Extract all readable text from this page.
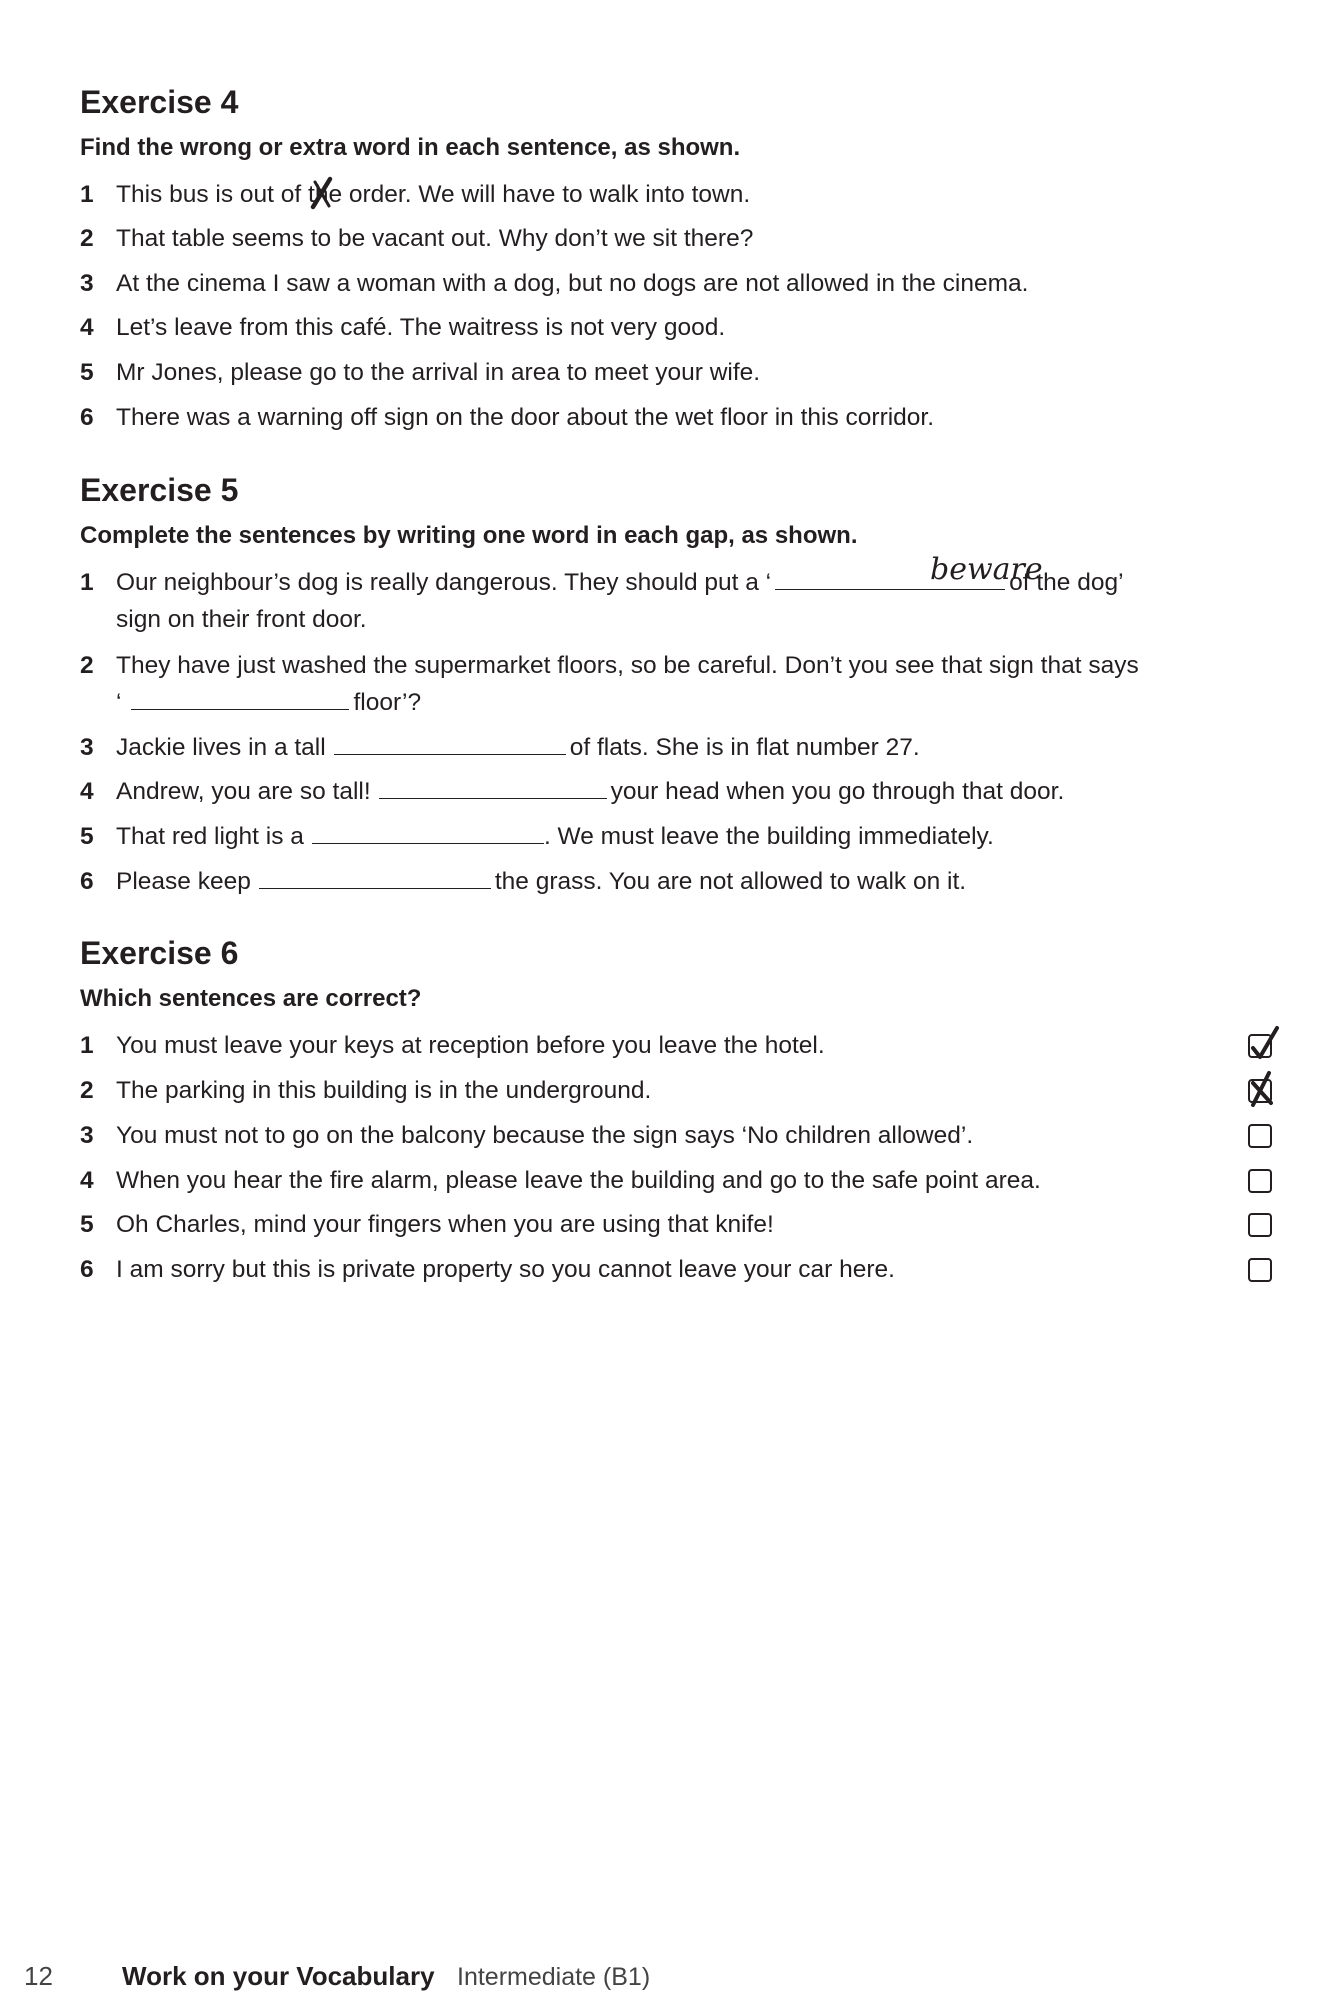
Exercise 4

Find the wrong or extra word in each sentence, as shown.

1 This bus is out of th
e order. We will have to walk into town.
2 That table seems to be vacant out. Why don’t we sit there?
3 At the cinema I saw a woman with a dog, but no dogs are not allowed in the cinema.
4 Let’s leave from this café. The waitress is not very good.
5 Mr Jones, please go to the arrival in area to meet your wife.
6 There was a warning off sign on the door about the wet floor in this corridor.
Exercise 5

Complete the sentences by writing one word in each gap, as shown.

1 Our neighbour’s dog is really dangerous. They should put a ‘	of the dog’
beware
sign on their front door.
2 They have just washed the supermarket floors, so be careful. Don’t you see that sign that says
‘	floor’?
3 Jackie lives in a tall	of flats. She is in flat number 27.
4 Andrew, you are so tall!	your head when you go through that door.
5 That red light is a	. We must leave the building immediately.
6 Please keep	the grass. You are not allowed to walk on it.
Exercise 6

Which sentences are correct?

1 You must leave your keys at reception before you leave the hotel.
2 The parking in this building is in the underground.
3 You must not to go on the balcony because the sign says ‘No children allowed’.
4 When you hear the fire alarm, please leave the building and go to the safe point area.
5 Oh Charles, mind your fingers when you are using that knife!
6 I am sorry but this is private property so you cannot leave your car here.
12	Work on your Vocabulary Intermediate (B1)
